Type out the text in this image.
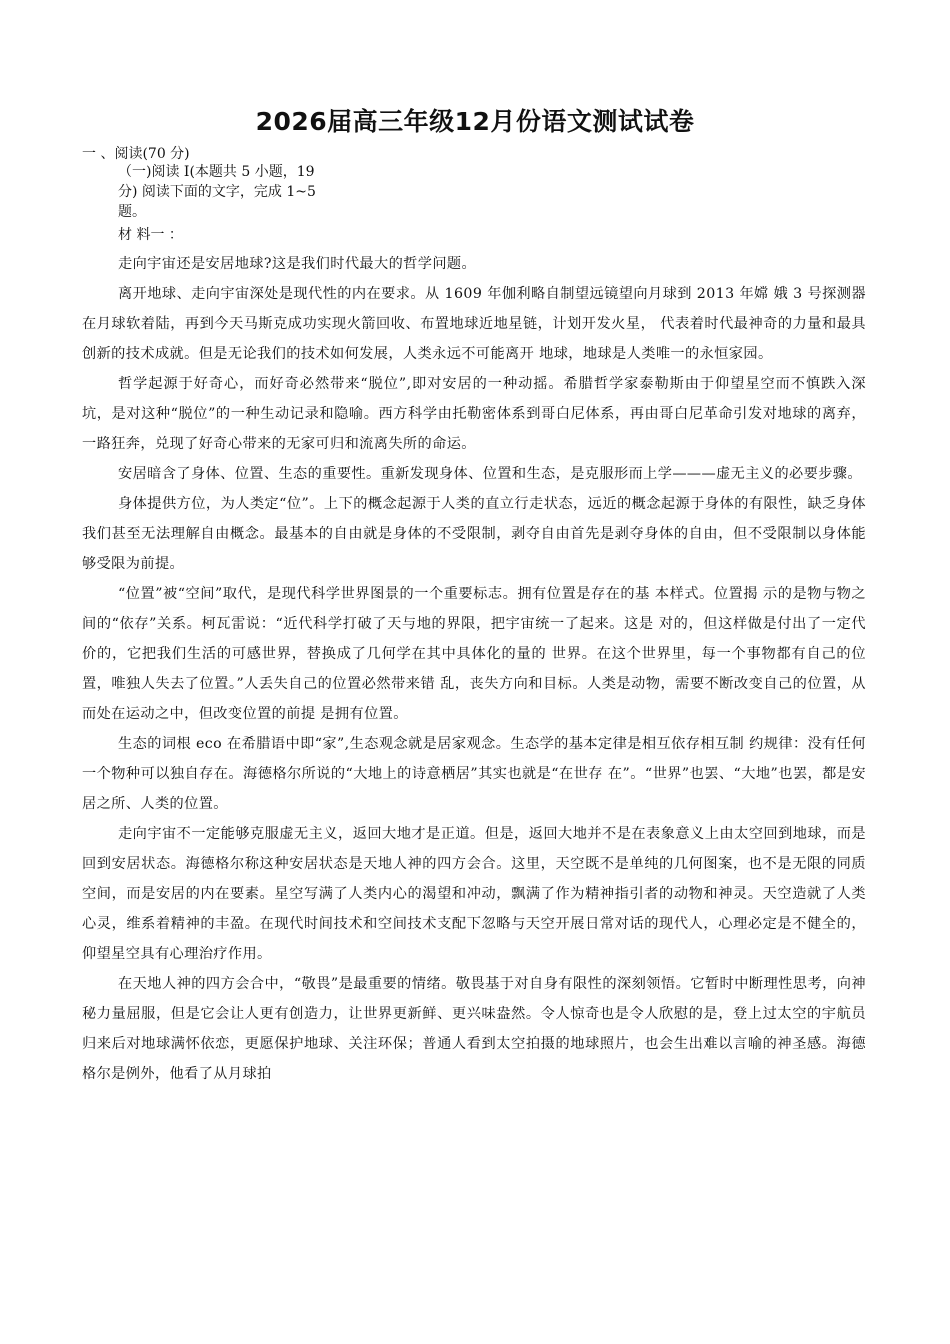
2026届高三年级12月份语文测试试卷
一 、阅读(70 分)
（一)阅读 I(本题共 5 小题，19
分) 阅读下面的文字，完成 1~5
题。
材 料一 ：

走向宇宙还是安居地球?这是我们时代最大的哲学问题。

离开地球、走向宇宙深处是现代性的内在要求。从 1609 年伽利略自制望远镜望向月球到 2013 年嫦 娥 3 号探测器在月球软着陆，再到今天马斯克成功实现火箭回收、布置地球近地星链，计划开发火星， 代表着时代最神奇的力量和最具创新的技术成就。但是无论我们的技术如何发展，人类永远不可能离开 地球，地球是人类唯一的永恒家园。

哲学起源于好奇心，而好奇必然带来“脱位”,即对安居的一种动摇。希腊哲学家泰勒斯由于仰望星空而不慎跌入深坑，是对这种“脱位”的一种生动记录和隐喻。西方科学由托勒密体系到哥白尼体系，再由哥白尼革命引发对地球的离弃， 一路狂奔，兑现了好奇心带来的无家可归和流离失所的命运。

安居暗含了身体、位置、生态的重要性。重新发现身体、位置和生态，是克服形而上学———虚无主义的必要步骤。

身体提供方位，为人类定“位”。上下的概念起源于人类的直立行走状态，远近的概念起源于身体的有限性，缺乏身体我们甚至无法理解自由概念。最基本的自由就是身体的不受限制，剥夺自由首先是剥夺身体的自由，但不受限制以身体能够受限为前提。

“位置”被“空间”取代，是现代科学世界图景的一个重要标志。拥有位置是存在的基 本样式。位置揭 示的是物与物之间的“依存”关系。柯瓦雷说：“近代科学打破了天与地的界限，把宇宙统一了起来。这是 对的，但这样做是付出了一定代价的，它把我们生活的可感世界，替换成了几何学在其中具体化的量的 世界。在这个世界里，每一个事物都有自己的位置，唯独人失去了位置。”人丢失自己的位置必然带来错 乱，丧失方向和目标。人类是动物，需要不断改变自己的位置，从而处在运动之中，但改变位置的前提 是拥有位置。

生态的词根 eco 在希腊语中即“家”,生态观念就是居家观念。生态学的基本定律是相互依存相互制 约规律：没有任何一个物种可以独自存在。海德格尔所说的“大地上的诗意栖居”其实也就是“在世存 在”。“世界”也罢、“大地”也罢，都是安居之所、人类的位置。

走向宇宙不一定能够克服虚无主义，返回大地才是正道。但是，返回大地并不是在表象意义上由太空回到地球，而是回到安居状态。海德格尔称这种安居状态是天地人神的四方会合。这里，天空既不是单纯的几何图案，也不是无限的同质空间，而是安居的内在要素。星空写满了人类内心的渴望和冲动，飘满了作为精神指引者的动物和神灵。天空造就了人类心灵，维系着精神的丰盈。在现代时间技术和空间技术支配下忽略与天空开展日常对话的现代人，心理必定是不健全的，仰望星空具有心理治疗作用。

在天地人神的四方会合中，“敬畏”是最重要的情绪。敬畏基于对自身有限性的深刻领悟。它暂时中断理性思考，向神秘力量屈服，但是它会让人更有创造力，让世界更新鲜、更兴味盎然。令人惊奇也是令人欣慰的是，登上过太空的宇航员归来后对地球满怀依恋，更愿保护地球、关注环保；普通人看到太空拍摄的地球照片，也会生出难以言喻的神圣感。海德格尔是例外，他看了从月球拍
